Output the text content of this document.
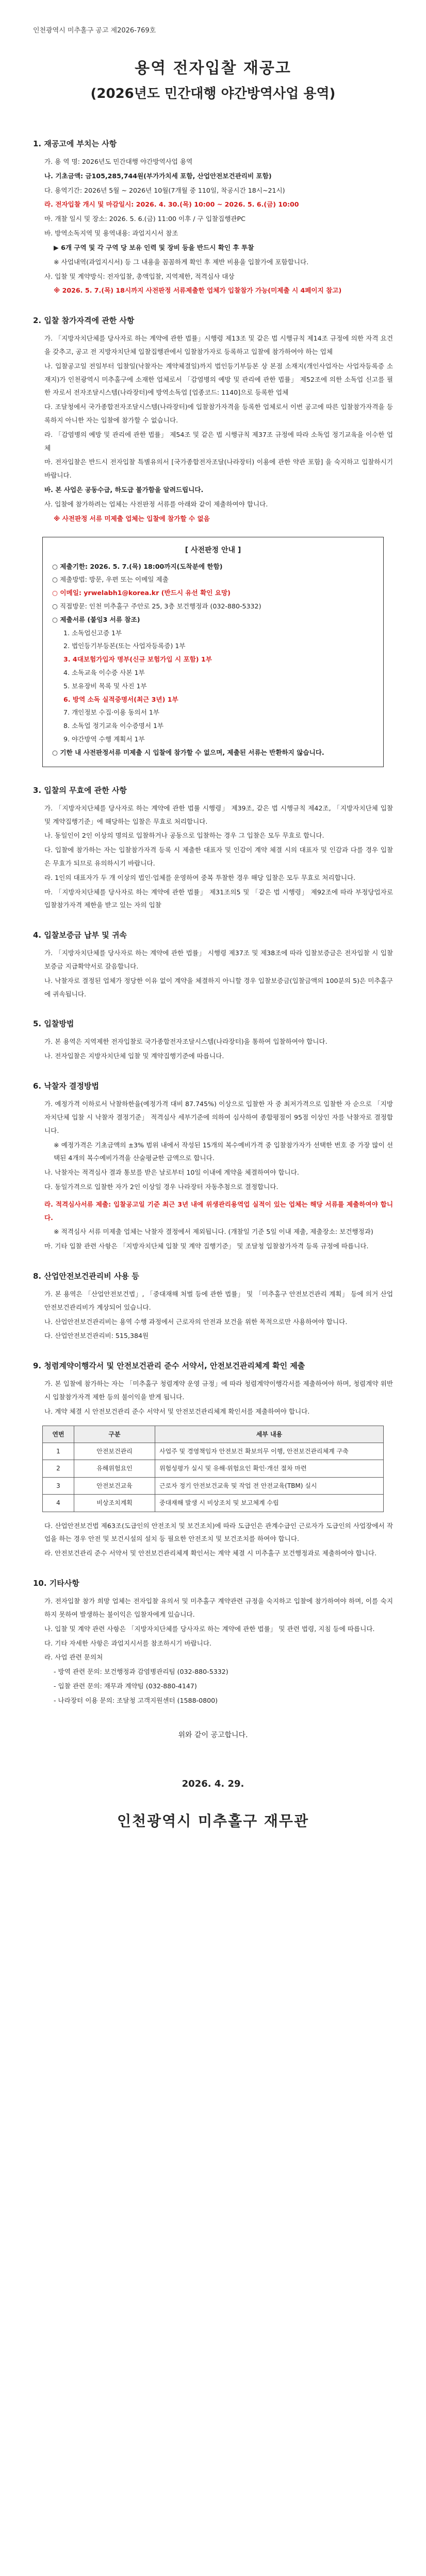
인천광역시 미추홀구 공고 제2026-769호
용역 전자입찰 재공고
(2026년도 민간대행 야간방역사업 용역)
1. 재공고에 부치는 사항

가. 용 역 명: 2026년도 민간대행 야간방역사업 용역

나. 기초금액: 금105,285,744원(부가가치세 포함, 산업안전보건관리비 포함)

다. 용역기간: 2026년 5월 ~ 2026년 10월(7개월 중 110일, 착공시간 18시~21시)

라. 전자입찰 개시 및 마감일시: 2026. 4. 30.(목) 10:00 ~ 2026. 5. 6.(금) 10:00

마. 개찰 일시 및 장소: 2026. 5. 6.(금) 11:00 이후 / 구 입찰집행관PC

바. 방역소독지역 및 용역내용: 과업지시서 참조

▶ 6개 구역 및 각 구역 당 보유 인력 및 장비 등을 반드시 확인 후 투찰

※ 사업내역(과업지시서) 등 그 내용을 꼼꼼하게 확인 후 제반 비용을 입찰가에 포함합니다.

사. 입찰 및 계약방식: 전자입찰, 총액입찰, 지역제한, 적격심사 대상

※ 2026. 5. 7.(목) 18시까지 사전판정 서류제출한 업체가 입찰참가 가능(미제출 시 4페이지 참고)

2. 입찰 참가자격에 관한 사항

가. 「지방자치단체를 당사자로 하는 계약에 관한 법률」시행령 제13조 및 같은 법 시행규칙 제14조 규정에 의한 자격 요건을 갖추고, 공고 전 지방자치단체 입찰집행관에서 입찰참가자로 등록하고 입찰에 참가하여야 하는 업체

나. 입찰공고일 전일부터 입찰일(낙찰자는 계약체결일)까지 법인등기부등본 상 본점 소재지(개인사업자는 사업자등록증 소재지)가 인천광역시 미추홀구에 소재한 업체로서 「감염병의 예방 및 관리에 관한 법률」 제52조에 의한 소독업 신고를 필한 자로서 전자조달시스템(나라장터)에 방역소독업 [업종코드: 1140]으로 등록한 업체

다. 조달청에서 국가종합전자조달시스템(나라장터)에 입찰참가자격을 등록한 업체로서 이번 공고에 따른 입찰참가자격을 등록하지 아니한 자는 입찰에 참가할 수 없습니다.

라. 「감염병의 예방 및 관리에 관한 법률」 제54조 및 같은 법 시행규칙 제37조 규정에 따라 소독업 정기교육을 이수한 업체

마. 전자입찰은 반드시 전자입찰 특별유의서 [국가종합전자조달(나라장터) 이용에 관한 약관 포함] 을 숙지하고 입찰하시기 바랍니다.

바. 본 사업은 공동수급, 하도급 불가함을 알려드립니다.

사. 입찰에 참가하려는 업체는 사전판정 서류를 아래와 같이 제출하여야 합니다.

※ 사전판정 서류 미제출 업체는 입찰에 참가할 수 없음

[ 사전판정 안내 ]

○ 제출기한: 2026. 5. 7.(목) 18:00까지(도착분에 한함)

○ 제출방법: 방문, 우편 또는 이메일 제출

○ 이메일: yrwelabh1@korea.kr (반드시 유선 확인 요망)

○ 직접방문: 인천 미추홀구 주안로 25, 3층 보건행정과 (032-880-5332)

○ 제출서류 (붙임3 서류 참조)

1. 소독업신고증 1부

2. 법인등기부등본(또는 사업자등록증) 1부

3. 4대보험가입자 명부(신규 보험가입 시 포함) 1부

4. 소독교육 이수증 사본 1부

5. 보유장비 목록 및 사진 1부

6. 방역 소독 실적증명서(최근 3년) 1부

7. 개인정보 수집·이용 동의서 1부

8. 소독업 정기교육 이수증명서 1부

9. 야간방역 수행 계획서 1부

○ 기한 내 사전판정서류 미제출 시 입찰에 참가할 수 없으며, 제출된 서류는 반환하지 않습니다.

3. 입찰의 무효에 관한 사항

가. 「지방자치단체를 당사자로 하는 계약에 관한 법률 시행령」 제39조, 같은 법 시행규칙 제42조, 「지방자치단체 입찰 및 계약집행기준」에 해당하는 입찰은 무효로 처리합니다.

나. 동일인이 2인 이상의 명의로 입찰하거나 공동으로 입찰하는 경우 그 입찰은 모두 무효로 합니다.

다. 입찰에 참가하는 자는 입찰참가자격 등록 시 제출한 대표자 및 인감이 계약 체결 시의 대표자 및 인감과 다를 경우 입찰은 무효가 되므로 유의하시기 바랍니다.

라. 1인의 대표자가 두 개 이상의 법인·업체를 운영하여 중복 투찰한 경우 해당 입찰은 모두 무효로 처리합니다.

마. 「지방자치단체를 당사자로 하는 계약에 관한 법률」 제31조의5 및 「같은 법 시행령」 제92조에 따라 부정당업자로 입찰참가자격 제한을 받고 있는 자의 입찰

4. 입찰보증금 납부 및 귀속

가. 「지방자치단체를 당사자로 하는 계약에 관한 법률」 시행령 제37조 및 제38조에 따라 입찰보증금은 전자입찰 시 입찰보증금 지급확약서로 갈음합니다.

나. 낙찰자로 결정된 업체가 정당한 이유 없이 계약을 체결하지 아니할 경우 입찰보증금(입찰금액의 100분의 5)은 미추홀구에 귀속됩니다.

5. 입찰방법

가. 본 용역은 지역제한 전자입찰로 국가종합전자조달시스템(나라장터)을 통하여 입찰하여야 합니다.

나. 전자입찰은 지방자치단체 입찰 및 계약집행기준에 따릅니다.

6. 낙찰자 결정방법

가. 예정가격 이하로서 낙찰하한율(예정가격 대비 87.745%) 이상으로 입찰한 자 중 최저가격으로 입찰한 자 순으로 「지방자치단체 입찰 시 낙찰자 결정기준」 적격심사 세부기준에 의하여 심사하여 종합평점이 95점 이상인 자를 낙찰자로 결정합니다.

※ 예정가격은 기초금액의 ±3% 범위 내에서 작성된 15개의 복수예비가격 중 입찰참가자가 선택한 번호 중 가장 많이 선택된 4개의 복수예비가격을 산술평균한 금액으로 합니다.

나. 낙찰자는 적격심사 결과 통보를 받은 날로부터 10일 이내에 계약을 체결하여야 합니다.

다. 동일가격으로 입찰한 자가 2인 이상일 경우 나라장터 자동추첨으로 결정합니다.

라. 적격심사서류 제출: 입찰공고일 기준 최근 3년 내에 위생관리용역업 실적이 있는 업체는 해당 서류를 제출하여야 합니다.

※ 적격심사 서류 미제출 업체는 낙찰자 결정에서 제외됩니다. (개찰일 기준 5일 이내 제출, 제출장소: 보건행정과)

마. 기타 입찰 관련 사항은 「지방자치단체 입찰 및 계약 집행기준」 및 조달청 입찰참가자격 등록 규정에 따릅니다.

8. 산업안전보건관리비 사용 등

가. 본 용역은 「산업안전보건법」, 「중대재해 처벌 등에 관한 법률」 및 「미추홀구 안전보건관리 계획」 등에 의거 산업안전보건관리비가 계상되어 있습니다.

나. 산업안전보건관리비는 용역 수행 과정에서 근로자의 안전과 보건을 위한 목적으로만 사용하여야 합니다.

다. 산업안전보건관리비: 515,384원

9. 청렴계약이행각서 및 안전보건관리 준수 서약서, 안전보건관리체계 확인 제출

가. 본 입찰에 참가하는 자는 「미추홀구 청렴계약 운영 규정」에 따라 청렴계약이행각서를 제출하여야 하며, 청렴계약 위반 시 입찰참가자격 제한 등의 불이익을 받게 됩니다.

나. 계약 체결 시 안전보건관리 준수 서약서 및 안전보건관리체계 확인서를 제출하여야 합니다.

연번	구분	세부 내용
1	안전보건관리	사업주 및 경영책임자 안전보건 확보의무 이행, 안전보건관리체계 구축
2	유해위험요인	위험성평가 실시 및 유해·위험요인 확인·개선 절차 마련
3	안전보건교육	근로자 정기 안전보건교육 및 작업 전 안전교육(TBM) 실시
4	비상조치계획	중대재해 발생 시 비상조치 및 보고체계 수립

다. 산업안전보건법 제63조(도급인의 안전조치 및 보건조치)에 따라 도급인은 관계수급인 근로자가 도급인의 사업장에서 작업을 하는 경우 안전 및 보건시설의 설치 등 필요한 안전조치 및 보건조치를 하여야 합니다.

라. 안전보건관리 준수 서약서 및 안전보건관리체계 확인서는 계약 체결 시 미추홀구 보건행정과로 제출하여야 합니다.

10. 기타사항

가. 전자입찰 참가 희망 업체는 전자입찰 유의서 및 미추홀구 계약관련 규정을 숙지하고 입찰에 참가하여야 하며, 이를 숙지하지 못하여 발생하는 불이익은 입찰자에게 있습니다.

나. 입찰 및 계약 관련 사항은 「지방자치단체를 당사자로 하는 계약에 관한 법률」 및 관련 법령, 지침 등에 따릅니다.

다. 기타 자세한 사항은 과업지시서를 참조하시기 바랍니다.

라. 사업 관련 문의처

- 방역 관련 문의: 보건행정과 감염병관리팀 (032-880-5332)

- 입찰 관련 문의: 재무과 계약팀 (032-880-4147)

- 나라장터 이용 문의: 조달청 고객지원센터 (1588-0800)

위와 같이 공고합니다.

2026. 4. 29.
인천광역시 미추홀구 재무관
